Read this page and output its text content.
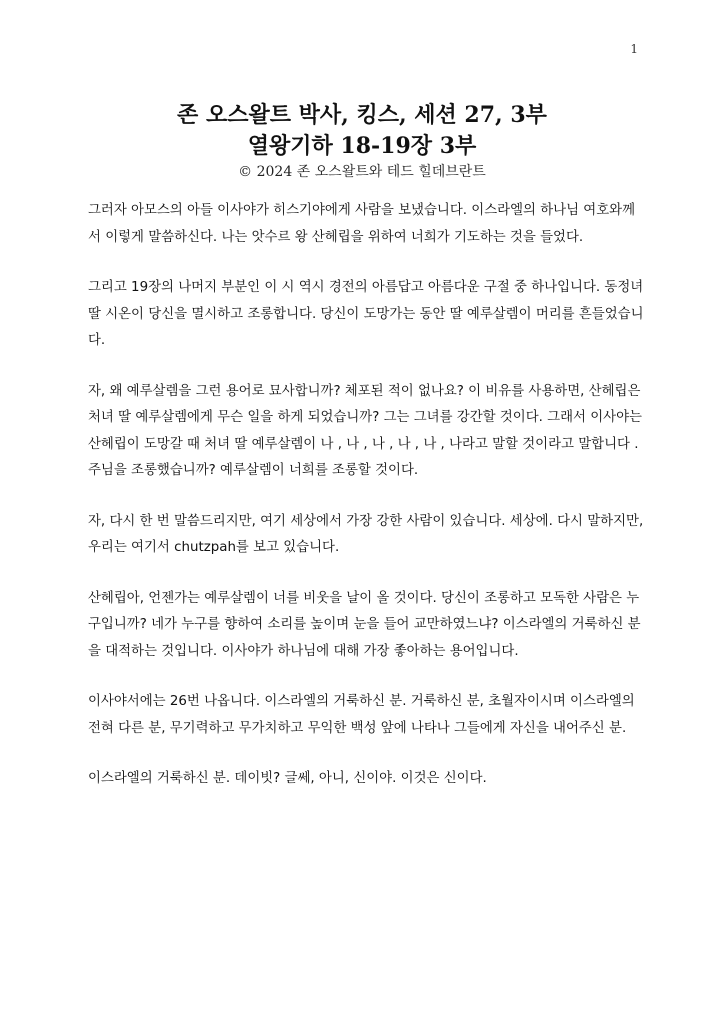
1
존 오스왈트 박사, 킹스, 세션 27, 3부
열왕기하 18-19장 3부
© 2024 존 오스왈트와 테드 힐데브란트

그러자 아모스의 아들 이사야가 히스기야에게 사람을 보냈습니다. 이스라엘의 하나님 여호와께서 이렇게 말씀하신다. 나는 앗수르 왕 산헤립을 위하여 너희가 기도하는 것을 들었다.

그리고 19장의 나머지 부분인 이 시 역시 경전의 아름답고 아름다운 구절 중 하나입니다. 동정녀 딸 시온이 당신을 멸시하고 조롱합니다. 당신이 도망가는 동안 딸 예루살렘이 머리를 흔들었습니다.

자, 왜 예루살렘을 그런 용어로 묘사합니까? 체포된 적이 없나요? 이 비유를 사용하면, 산헤립은 처녀 딸 예루살렘에게 무슨 일을 하게 되었습니까? 그는 그녀를 강간할 것이다. 그래서 이사야는 산헤립이 도망갈 때 처녀 딸 예루살렘이 나 , 나 , 나 , 나 , 나 , 나라고 말할 것이라고 말합니다 . 주님을 조롱했습니까? 예루살렘이 너희를 조롱할 것이다.

자, 다시 한 번 말씀드리지만, 여기 세상에서 가장 강한 사람이 있습니다. 세상에. 다시 말하지만, 우리는 여기서 chutzpah를 보고 있습니다.

산헤립아, 언젠가는 예루살렘이 너를 비웃을 날이 올 것이다. 당신이 조롱하고 모독한 사람은 누구입니까? 네가 누구를 향하여 소리를 높이며 눈을 들어 교만하였느냐? 이스라엘의 거룩하신 분을 대적하는 것입니다. 이사야가 하나님에 대해 가장 좋아하는 용어입니다.

이사야서에는 26번 나옵니다. 이스라엘의 거룩하신 분. 거룩하신 분, 초월자이시며 이스라엘의 전혀 다른 분, 무기력하고 무가치하고 무익한 백성 앞에 나타나 그들에게 자신을 내어주신 분.

이스라엘의 거룩하신 분. 데이빗? 글쎄, 아니, 신이야. 이것은 신이다.
